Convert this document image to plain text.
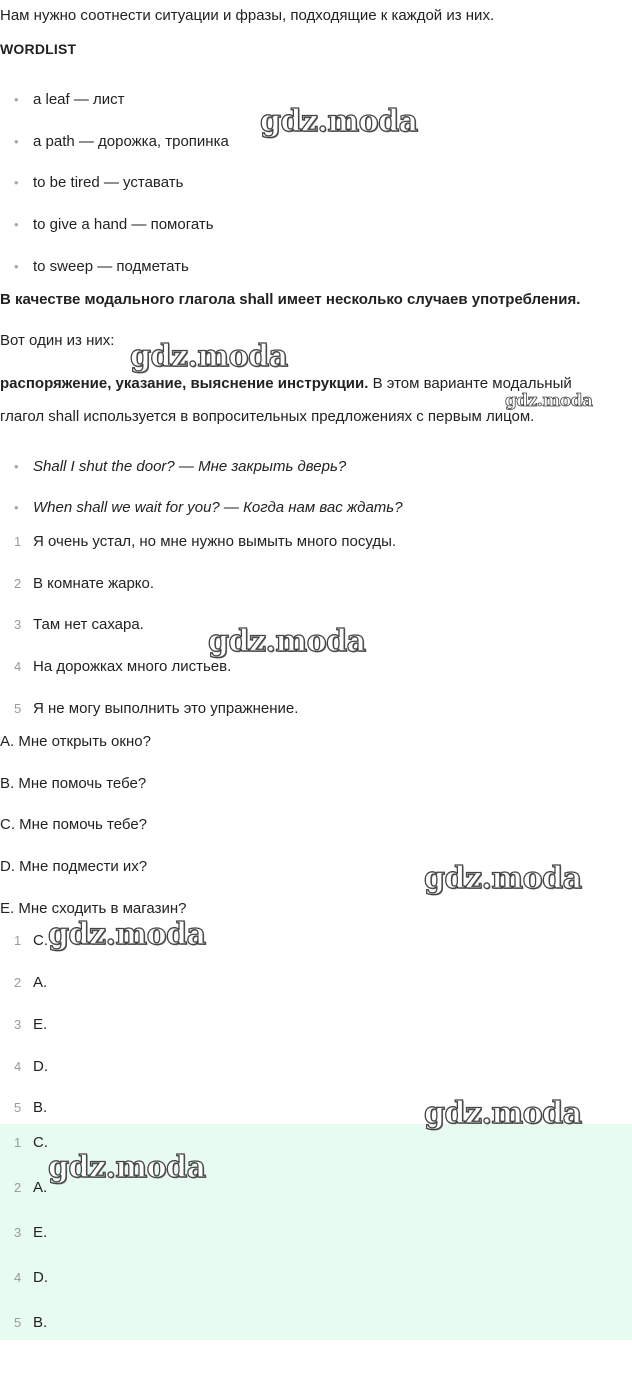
Нам нужно соотнести ситуации и фразы, подходящие к каждой из них.
WORDLIST
• a leaf — лист
• a path — дорожка, тропинка
• to be tired — уставать
• to give a hand — помогать
• to sweep — подметать
В качестве модального глагола shall имеет несколько случаев употребления.
Вот один из них:
распоряжение, указание, выяснение инструкции. В этом варианте модальный
глагол shall используется в вопросительных предложениях с первым лицом.
• Shall I shut the door? — Мне закрыть дверь?
• When shall we wait for you? — Когда нам вас ждать?
1 Я очень устал, но мне нужно вымыть много посуды.
2 В комнате жарко.
3 Там нет сахара.
4 На дорожках много листьев.
5 Я не могу выполнить это упражнение.
A. Мне открыть окно?
B. Мне помочь тебе?
C. Мне помочь тебе?
D. Мне подмести их?
E. Мне сходить в магазин?
1 C.
2 A.
3 E.
4 D.
5 B.
1 C.
2 A.
3 E.
4 D.
5 B.
gdz.moda
gdz.moda
gdz.moda
gdz.moda
gdz.moda
gdz.moda
gdz.moda
gdz.moda
